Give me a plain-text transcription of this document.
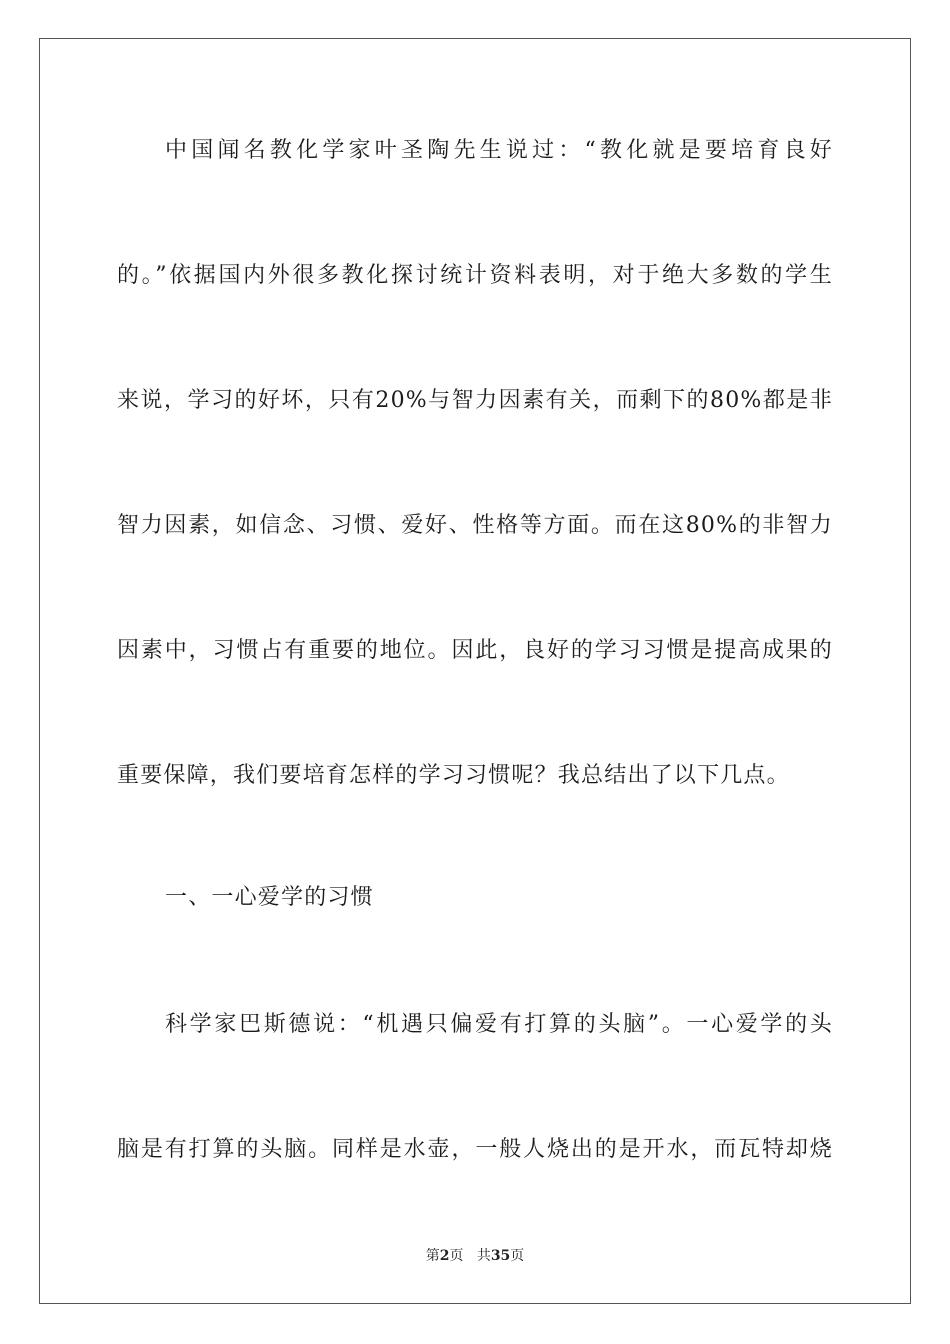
中国闻名教化学家叶圣陶先生说过：“教化就是要培育良好
的。”依据国内外很多教化探讨统计资料表明，对于绝大多数的学生
来说，学习的好坏，只有20%与智力因素有关，而剩下的80%都是非
智力因素，如信念、习惯、爱好、性格等方面。而在这80%的非智力
因素中，习惯占有重要的地位。因此，良好的学习习惯是提高成果的
重要保障，我们要培育怎样的学习习惯呢？我总结出了以下几点。
一、一心爱学的习惯
科学家巴斯德说：“机遇只偏爱有打算的头脑”。一心爱学的头
脑是有打算的头脑。同样是水壶，一般人烧出的是开水，而瓦特却烧
第2页 共35页
